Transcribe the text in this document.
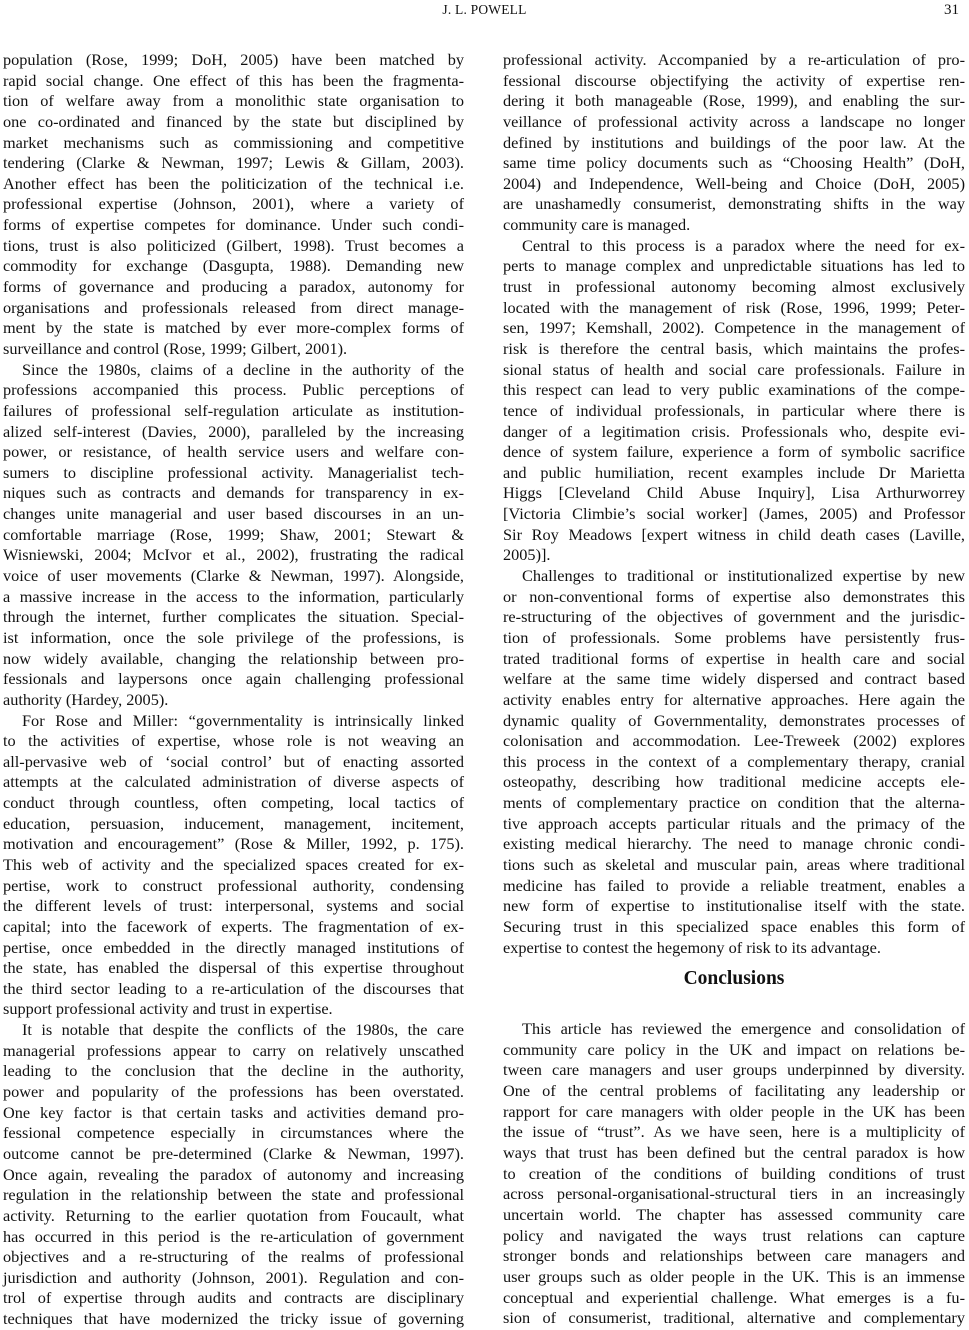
J. L. POWELL	31
population (Rose, 1999; DoH, 2005) have been matched by
rapid social change. One effect of this has been the fragmenta-
tion of welfare away from a monolithic state organisation to
one co-ordinated and financed by the state but disciplined by
market mechanisms such as commissioning and competitive
tendering (Clarke & Newman, 1997; Lewis & Gillam, 2003).
Another effect has been the politicization of the technical i.e.
professional expertise (Johnson, 2001), where a variety of
forms of expertise competes for dominance. Under such condi-
tions, trust is also politicized (Gilbert, 1998). Trust becomes a
commodity for exchange (Dasgupta, 1988). Demanding new
forms of governance and producing a paradox, autonomy for
organisations and professionals released from direct manage-
ment by the state is matched by ever more-complex forms of
surveillance and control (Rose, 1999; Gilbert, 2001).
Since the 1980s, claims of a decline in the authority of the
professions accompanied this process. Public perceptions of
failures of professional self-regulation articulate as institution-
alized self-interest (Davies, 2000), paralleled by the increasing
power, or resistance, of health service users and welfare con-
sumers to discipline professional activity. Managerialist tech-
niques such as contracts and demands for transparency in ex-
changes unite managerial and user based discourses in an un-
comfortable marriage (Rose, 1999; Shaw, 2001; Stewart &
Wisniewski, 2004; McIvor et al., 2002), frustrating the radical
voice of user movements (Clarke & Newman, 1997). Alongside,
a massive increase in the access to the information, particularly
through the internet, further complicates the situation. Special-
ist information, once the sole privilege of the professions, is
now widely available, changing the relationship between pro-
fessionals and laypersons once again challenging professional
authority (Hardey, 2005).
For Rose and Miller: “governmentality is intrinsically linked
to the activities of expertise, whose role is not weaving an
all-pervasive web of ‘social control’ but of enacting assorted
attempts at the calculated administration of diverse aspects of
conduct through countless, often competing, local tactics of
education, persuasion, inducement, management, incitement,
motivation and encouragement” (Rose & Miller, 1992, p. 175).
This web of activity and the specialized spaces created for ex-
pertise, work to construct professional authority, condensing
the different levels of trust: interpersonal, systems and social
capital; into the facework of experts. The fragmentation of ex-
pertise, once embedded in the directly managed institutions of
the state, has enabled the dispersal of this expertise throughout
the third sector leading to a re-articulation of the discourses that
support professional activity and trust in expertise.
It is notable that despite the conflicts of the 1980s, the care
managerial professions appear to carry on relatively unscathed
leading to the conclusion that the decline in the authority,
power and popularity of the professions has been overstated.
One key factor is that certain tasks and activities demand pro-
fessional competence especially in circumstances where the
outcome cannot be pre-determined (Clarke & Newman, 1997).
Once again, revealing the paradox of autonomy and increasing
regulation in the relationship between the state and professional
activity. Returning to the earlier quotation from Foucault, what
has occurred in this period is the re-articulation of government
objectives and a re-structuring of the realms of professional
jurisdiction and authority (Johnson, 2001). Regulation and con-
trol of expertise through audits and contracts are disciplinary
techniques that have modernized the tricky issue of governing
professional activity. Accompanied by a re-articulation of pro-
fessional discourse objectifying the activity of expertise ren-
dering it both manageable (Rose, 1999), and enabling the sur-
veillance of professional activity across a landscape no longer
defined by institutions and buildings of the poor law. At the
same time policy documents such as “Choosing Health” (DoH,
2004) and Independence, Well-being and Choice (DoH, 2005)
are unashamedly consumerist, demonstrating shifts in the way
community care is managed.
Central to this process is a paradox where the need for ex-
perts to manage complex and unpredictable situations has led to
trust in professional autonomy becoming almost exclusively
located with the management of risk (Rose, 1996, 1999; Peter-
sen, 1997; Kemshall, 2002). Competence in the management of
risk is therefore the central basis, which maintains the profes-
sional status of health and social care professionals. Failure in
this respect can lead to very public examinations of the compe-
tence of individual professionals, in particular where there is
danger of a legitimation crisis. Professionals who, despite evi-
dence of system failure, experience a form of symbolic sacrifice
and public humiliation, recent examples include Dr Marietta
Higgs [Cleveland Child Abuse Inquiry], Lisa Arthurworrey
[Victoria Climbie’s social worker] (James, 2005) and Professor
Sir Roy Meadows [expert witness in child death cases (Laville,
2005)].
Challenges to traditional or institutionalized expertise by new
or non-conventional forms of expertise also demonstrates this
re-structuring of the objectives of government and the jurisdic-
tion of professionals. Some problems have persistently frus-
trated traditional forms of expertise in health care and social
welfare at the same time widely dispersed and contract based
activity enables entry for alternative approaches. Here again the
dynamic quality of Governmentality, demonstrates processes of
colonisation and accommodation. Lee-Treweek (2002) explores
this process in the context of a complementary therapy, cranial
osteopathy, describing how traditional medicine accepts ele-
ments of complementary practice on condition that the alterna-
tive approach accepts particular rituals and the primacy of the
existing medical hierarchy. The need to manage chronic condi-
tions such as skeletal and muscular pain, areas where traditional
medicine has failed to provide a reliable treatment, enables a
new form of expertise to institutionalise itself with the state.
Securing trust in this specialized space enables this form of
expertise to contest the hegemony of risk to its advantage.
Conclusions
This article has reviewed the emergence and consolidation of
community care policy in the UK and impact on relations be-
tween care managers and user groups underpinned by diversity.
One of the central problems of facilitating any leadership or
rapport for care managers with older people in the UK has been
the issue of “trust”. As we have seen, here is a multiplicity of
ways that trust has been defined but the central paradox is how
to creation of the conditions of building conditions of trust
across personal-organisational-structural tiers in an increasingly
uncertain world. The chapter has assessed community care
policy and navigated the ways trust relations can capture
stronger bonds and relationships between care managers and
user groups such as older people in the UK. This is an immense
conceptual and experiential challenge. What emerges is a fu-
sion of consumerist, traditional, alternative and complementary
